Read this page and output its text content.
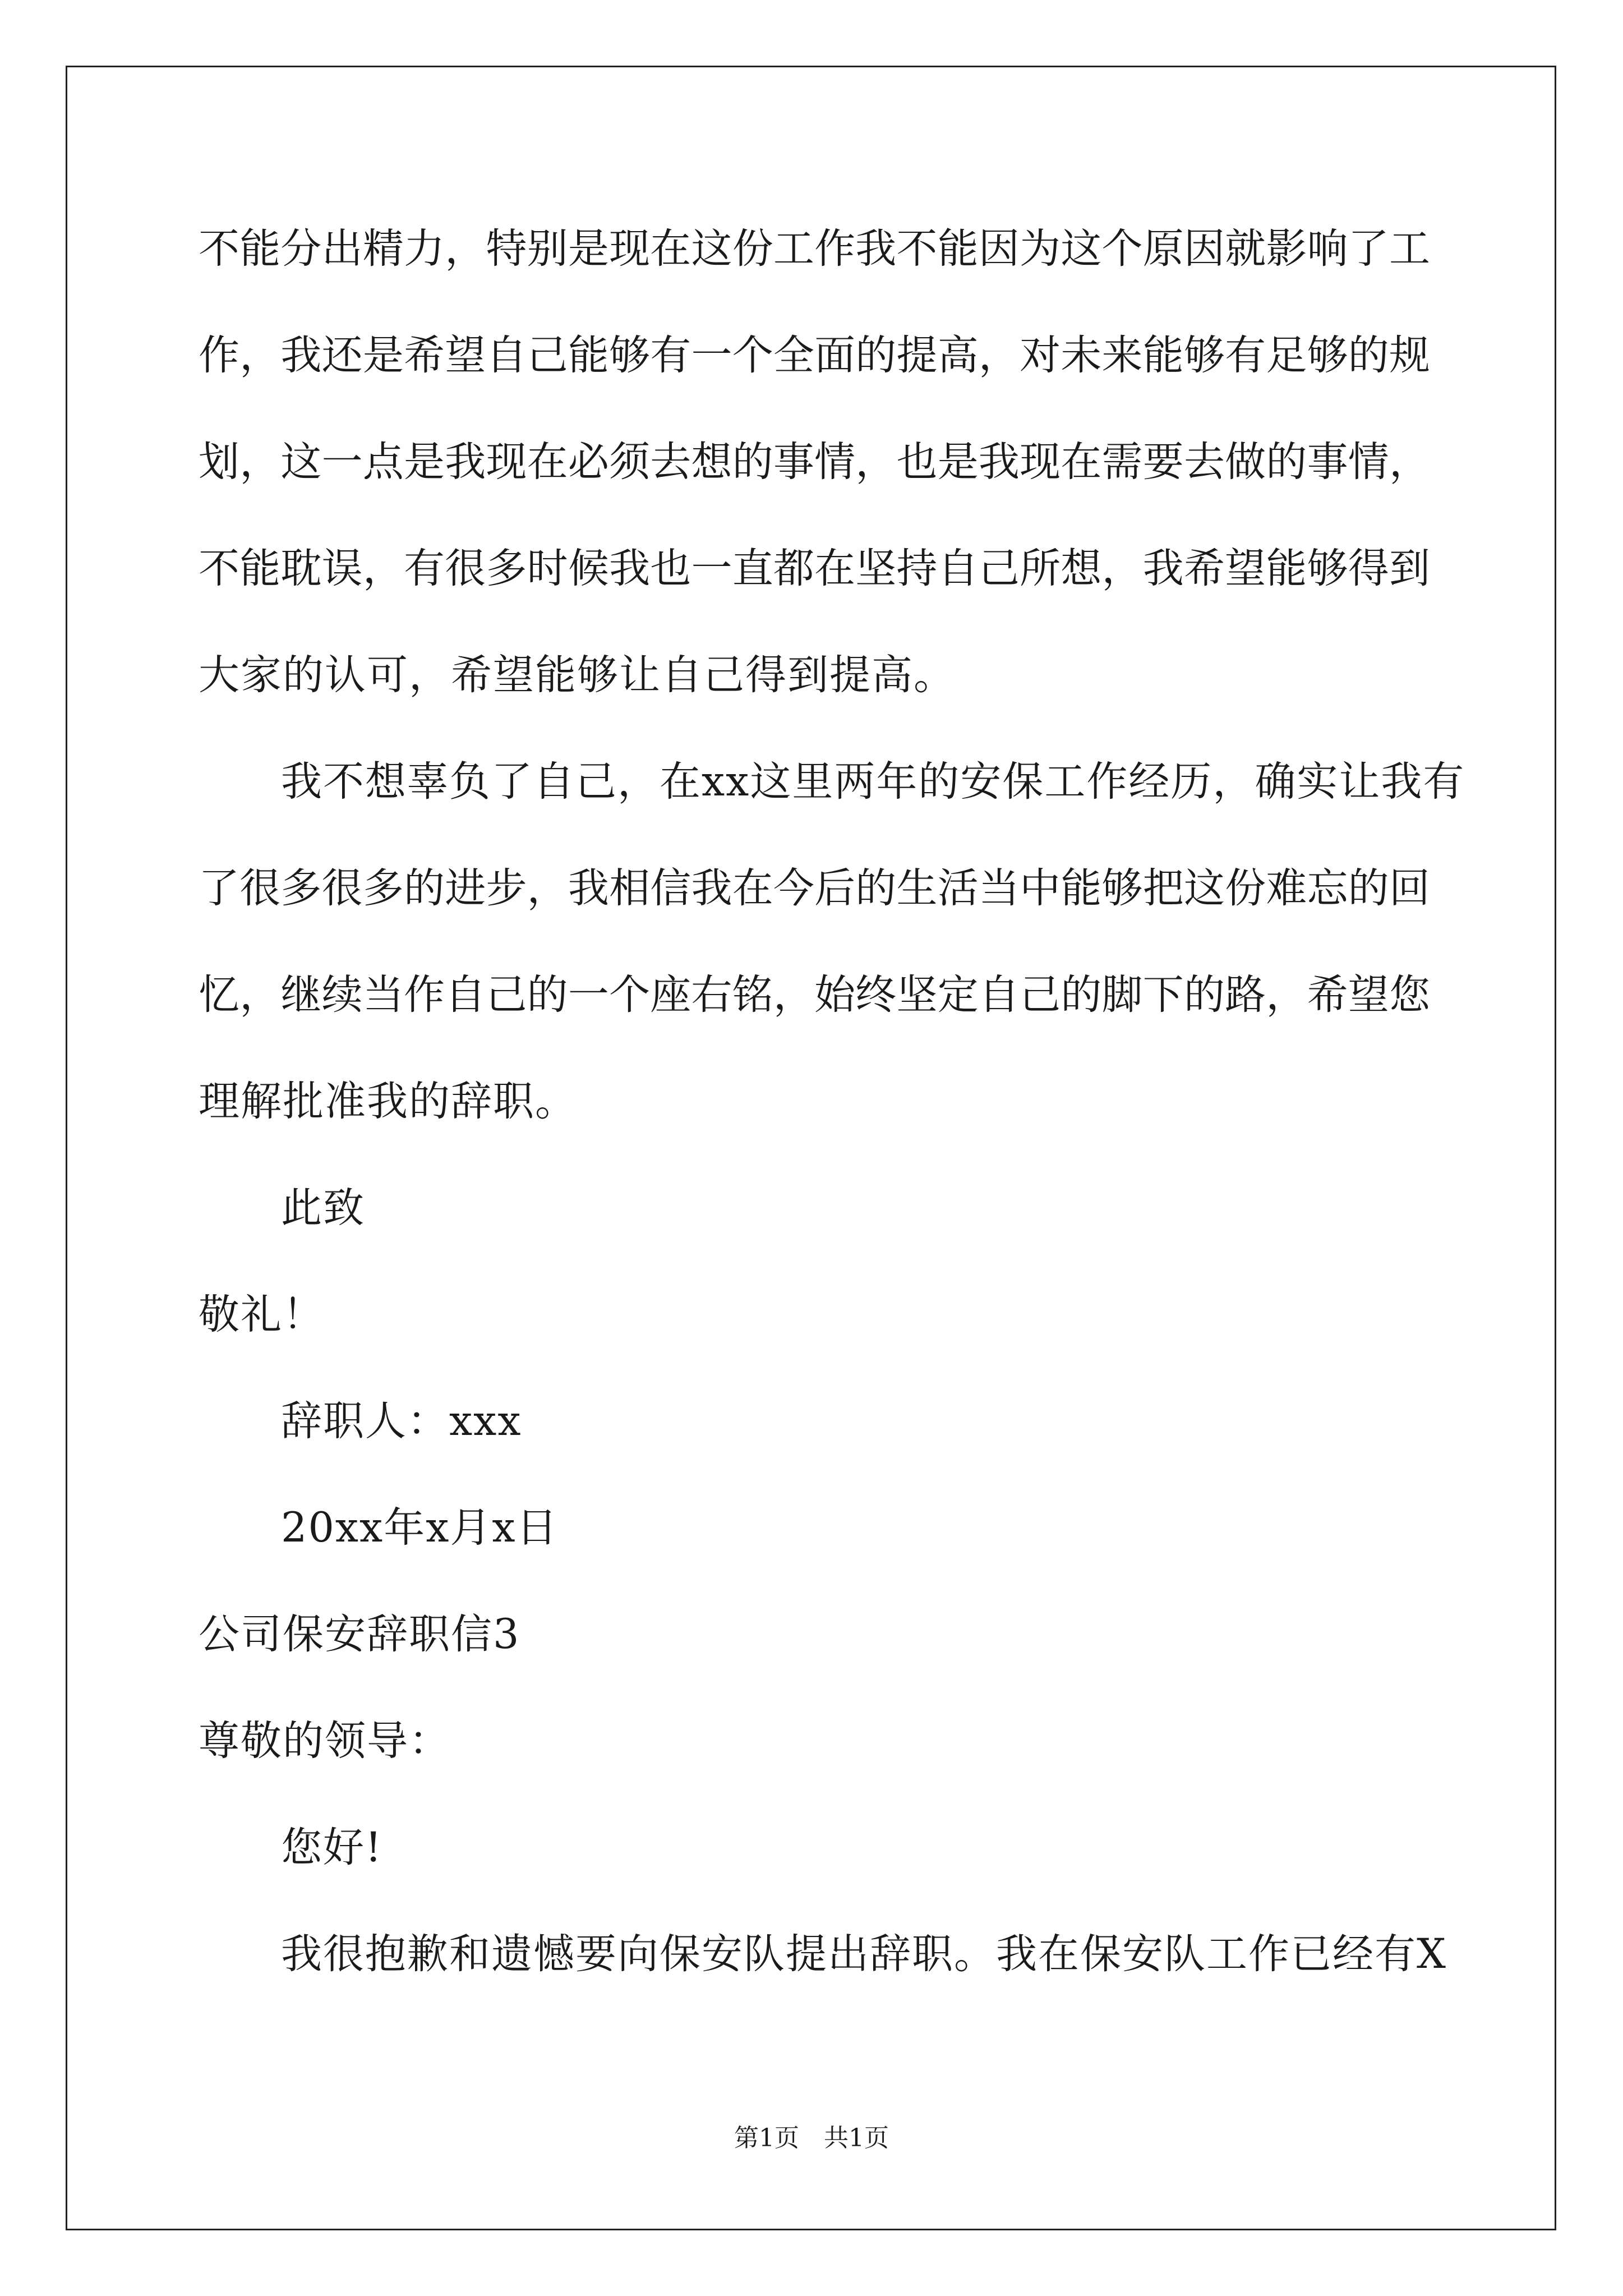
不能分出精力，特别是现在这份工作我不能因为这个原因就影响了工
作，我还是希望自己能够有一个全面的提高，对未来能够有足够的规
划，这一点是我现在必须去想的事情，也是我现在需要去做的事情，
不能耽误，有很多时候我也一直都在坚持自己所想，我希望能够得到
大家的认可，希望能够让自己得到提高。
我不想辜负了自己，在xx这里两年的安保工作经历，确实让我有
了很多很多的进步，我相信我在今后的生活当中能够把这份难忘的回
忆，继续当作自己的一个座右铭，始终坚定自己的脚下的路，希望您
理解批准我的辞职。
此致
敬礼！
辞职人：xxx
20xx年x月x日
公司保安辞职信3
尊敬的领导：
您好!
我很抱歉和遗憾要向保安队提出辞职。我在保安队工作已经有X
第1页 共1页
